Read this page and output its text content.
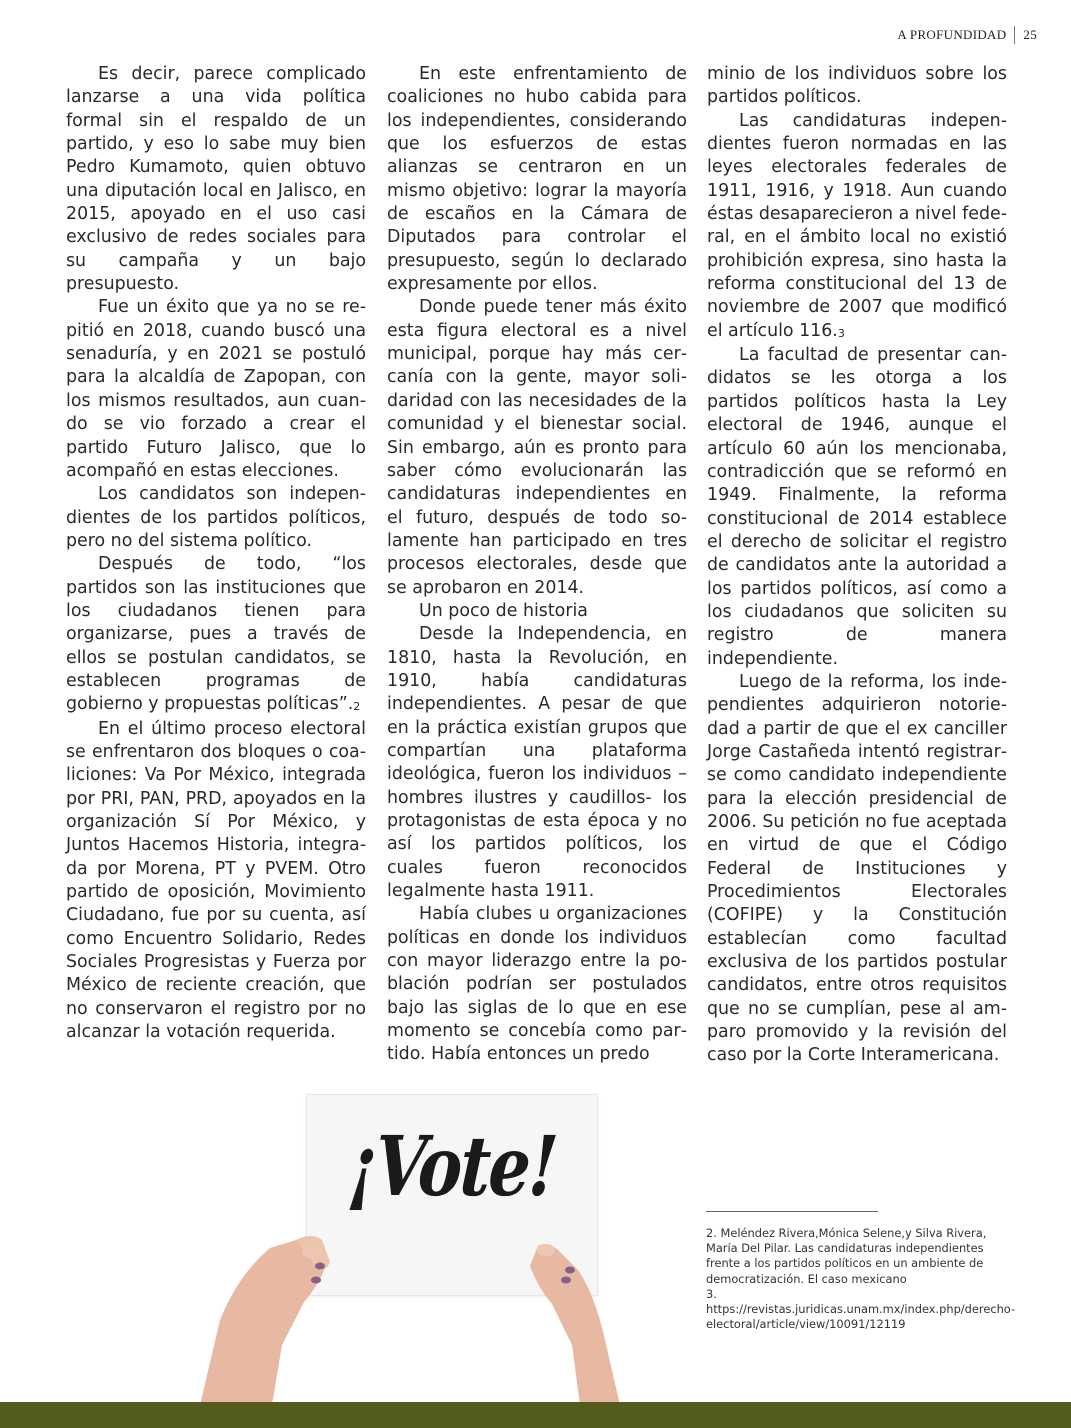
A PROFUNDIDAD 25

Es decir, parece complicado lanzarse a una vida política formal sin el respaldo de un partido, y eso lo sabe muy bien Pedro Kumamoto, quien obtuvo una diputación local en Jalisco, en 2015, apoyado en el uso casi exclusivo de redes sociales para su campaña y un bajo presupuesto.

Fue un éxito que ya no se repitió en 2018, cuando buscó una senaduría, y en 2021 se postuló para la alcaldía de Zapopan, con los mismos resultados, aun cuando se vio forzado a crear el partido Futuro Jalisco, que lo acompañó en estas elecciones.

Los candidatos son independientes de los partidos políticos, pero no del sistema político.

Después de todo, “los partidos son las instituciones que los ciudadanos tienen para organizarse, pues a través de ellos se postulan candidatos, se establecen programas de gobierno y propuestas políticas”.$^2$

En el último proceso electoral se enfrentaron dos bloques o coaliciones: Va Por México, integrada por PRI, PAN, PRD, apoyados en la organización Sí Por México, y Juntos Hacemos Historia, integrada por Morena, PT y PVEM. Otro partido de oposición, Movimiento Ciudadano, fue por su cuenta, así como Encuentro Solidario, Redes Sociales Progresistas y Fuerza por México de reciente creación, que no conservaron el registro por no alcanzar la votación requerida.

En este enfrentamiento de coaliciones no hubo cabida para los independientes, considerando que los esfuerzos de estas alianzas se centraron en un mismo objetivo: lograr la mayoría de escaños en la Cámara de Diputados para controlar el presupuesto, según lo declarado expresamente por ellos.

Donde puede tener más éxito esta figura electoral es a nivel municipal, porque hay más cercanía con la gente, mayor solidaridad con las necesidades de la comunidad y el bienestar social. Sin embargo, aún es pronto para saber cómo evolucionarán las candidaturas independientes en el futuro, después de todo solamente han participado en tres procesos electorales, desde que se aprobaron en 2014.

Un poco de historia

Desde la Independencia, en 1810, hasta la Revolución, en 1910, había candidaturas independientes. A pesar de que en la práctica existían grupos que compartían una plataforma ideológica, fueron los individuos –hombres ilustres y caudillos- los protagonistas de esta época y no así los partidos políticos, los cuales fueron reconocidos legalmente hasta 1911.

Había clubes u organizaciones políticas en donde los individuos con mayor liderazgo entre la población podrían ser postulados bajo las siglas de lo que en ese momento se concebía como partido. Había entonces un predo

minio de los individuos sobre los partidos políticos.

Las candidaturas independientes fueron normadas en las leyes electorales federales de 1911, 1916, y 1918. Aun cuando éstas desaparecieron a nivel federal, en el ámbito local no existió prohibición expresa, sino hasta la reforma constitucional del 13 de noviembre de 2007 que modificó el artículo 116.$^3$

La facultad de presentar candidatos se les otorga a los partidos políticos hasta la Ley electoral de 1946, aunque el artículo 60 aún los mencionaba, contradicción que se reformó en 1949. Finalmente, la reforma constitucional de 2014 establece el derecho de solicitar el registro de candidatos ante la autoridad a los partidos políticos, así como a los ciudadanos que soliciten su registro de manera independiente.

Luego de la reforma, los independientes adquirieron notoriedad a partir de que el ex canciller Jorge Castañeda intentó registrarse como candidato independiente para la elección presidencial de 2006. Su petición no fue aceptada en virtud de que el Código Federal de Instituciones y Procedimientos Electorales (COFIPE) y la Constitución establecían como facultad exclusiva de los partidos postular candidatos, entre otros requisitos que no se cumplían, pese al amparo promovido y la revisión del caso por la Corte Interamericana.

¡Vote!

2. Meléndez Rivera,Mónica Selene,y Silva Rivera, María Del Pilar. Las candidaturas independientes frente a los partidos políticos en un ambiente de democratización. El caso mexicano

3. https://revistas.juridicas.unam.mx/index.php/derecho-electoral/article/view/10091/12119
